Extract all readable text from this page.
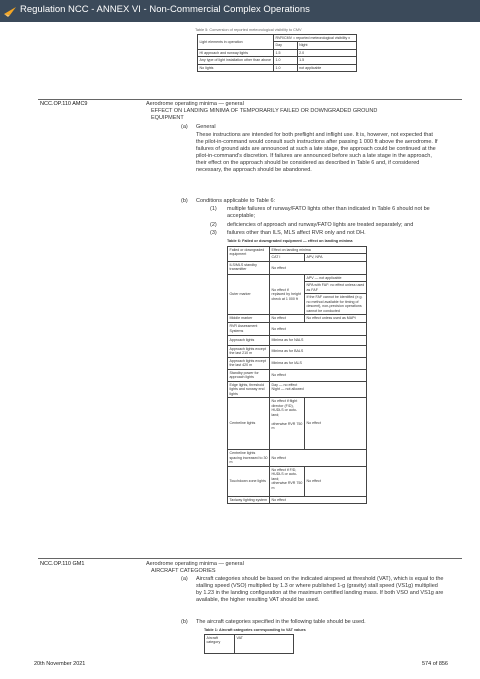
Regulation NCC - ANNEX VI - Non-Commercial Complex Operations
Table 5: Conversion of reported meteorological visibility to CMV
Light elements in operation	RVR/CMV = reported meteorological visibility x	
	Day	Night
HI approach and runway lights	1.5	2.0
Any type of light installation other than above	1.0	1.5
No lights	1.0	not applicable
NCC.OP.110 AMC9	Aerodrome operating minima — general
EFFECT ON LANDING MINIMA OF TEMPORARILY FAILED OR DOWNGRADED GROUND EQUIPMENT
(a) General
These instructions are intended for both preflight and inflight use. It is, however, not expected that the pilot-in-command would consult such instructions after passing 1 000 ft above the aerodrome. If failures of ground aids are announced at such a late stage, the approach could be continued at the pilot-in-command's discretion. If failures are announced before such a late stage in the approach, their effect on the approach should be considered as described in Table 6 and, if considered necessary, the approach should be abandoned.
(b) Conditions applicable to Table 6:
(1) multiple failures of runway/FATO lights other than indicated in Table 6 should not be acceptable;
(2) deficiencies of approach and runway/FATO lights are treated separately; and
(3) failures other than ILS, MLS affect RVR only and not DH.
Table 6: Failed or downgraded equipment — effect on landing minima
Failed or downgraded equipment	Effect on landing minima	
	CAT I	APV, NPA
ILS/MLS standby transmitter	No effect	
Outer marker	No effect if replaced by height check at 1 000 ft	APV — not applicable
		NPA with FAF: no effect unless used as FAF
		If the FAF cannot be identified (e.g. no method available for timing of descent), non-precision operations cannot be conducted
Middle marker	No effect	No effect unless used as MAPt
RVR Assessment Systems	No effect	
Approach lights	Minima as for NALS	
Approach lights except the last 210 m	Minima as for BALS	
Approach lights except the last 420 m	Minima as for IALS	
Standby power for approach lights	No effect	
Edge lights, threshold lights and runway end lights	Day — no effect
Night — not allowed	
Centreline lights	No effect if flight director (F/D), HUDLS or auto-land;

otherwise RVR 750 m	No effect
Centreline lights spacing increased to 30 m	No effect	
Touchdown zone lights	No effect if F/D, HUDLS or auto-land;
otherwise RVR 750 m	No effect
Taxiway lighting system	No effect	
NCC.OP.110 GM1	Aerodrome operating minima — general
AIRCRAFT CATEGORIES
(a) Aircraft categories should be based on the indicated airspeed at threshold (VAT), which is equal to the stalling speed (VSO) multiplied by 1.3 or where published 1-g (gravity) stall speed (VS1g) multiplied by 1.23 in the landing configuration at the maximum certified landing mass. If both VSO and VS1g are available, the higher resulting VAT should be used.
(b) The aircraft categories specified in the following table should be used.
Table 1: Aircraft categories corresponding to VAT values
Aircraft category	VAT
20th November 2021	574 of 856
